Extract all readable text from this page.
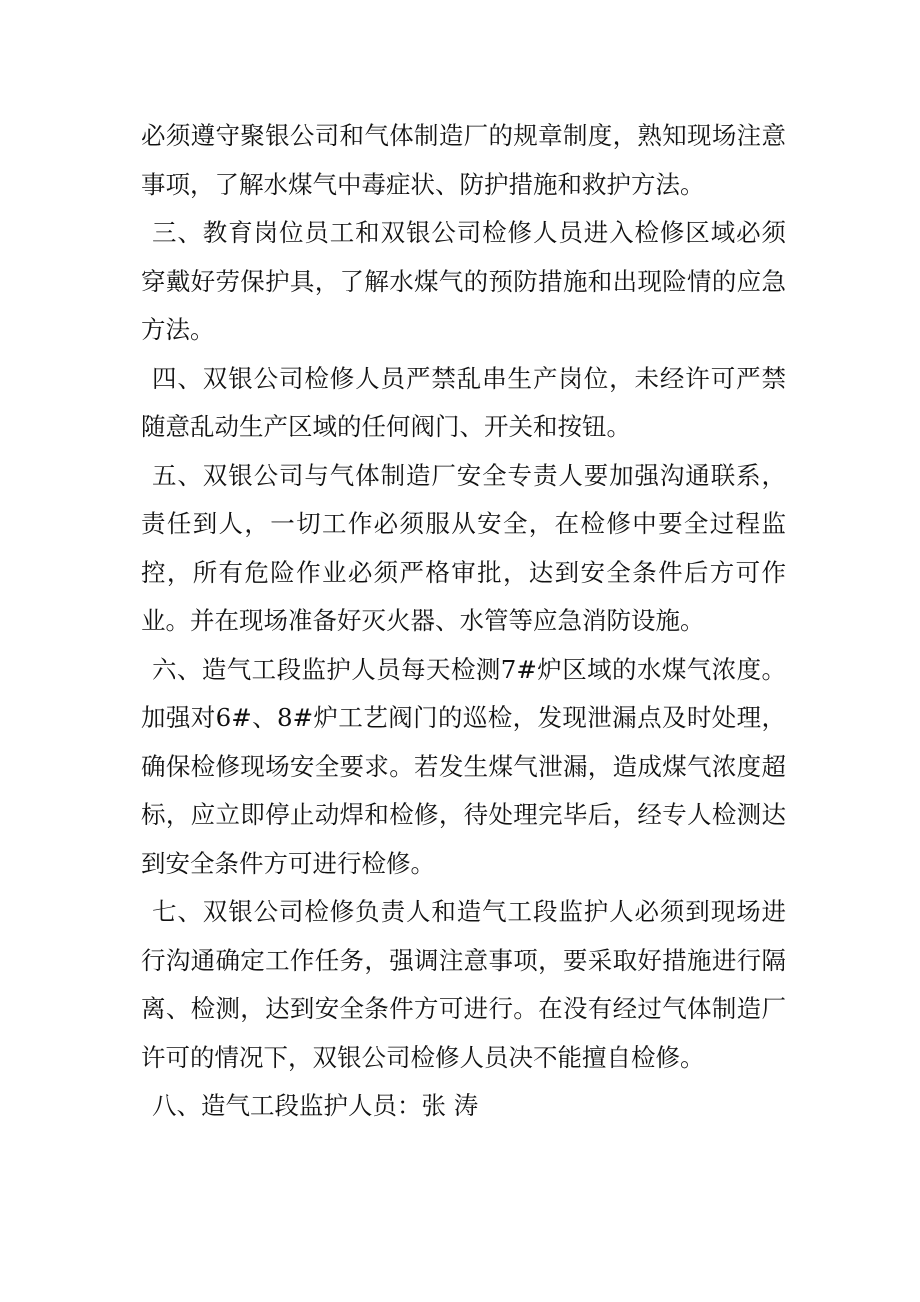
必须遵守聚银公司和气体制造厂的规章制度，熟知现场注意事项，了解水煤气中毒症状、防护措施和救护方法。

三、教育岗位员工和双银公司检修人员进入检修区域必须穿戴好劳保护具，了解水煤气的预防措施和出现险情的应急方法。

四、双银公司检修人员严禁乱串生产岗位，未经许可严禁随意乱动生产区域的任何阀门、开关和按钮。

五、双银公司与气体制造厂安全专责人要加强沟通联系，责任到人，一切工作必须服从安全，在检修中要全过程监控，所有危险作业必须严格审批，达到安全条件后方可作业。并在现场准备好灭火器、水管等应急消防设施。

六、造气工段监护人员每天检测7#炉区域的水煤气浓度。加强对6#、8#炉工艺阀门的巡检，发现泄漏点及时处理，确保检修现场安全要求。若发生煤气泄漏，造成煤气浓度超标，应立即停止动焊和检修，待处理完毕后，经专人检测达到安全条件方可进行检修。

七、双银公司检修负责人和造气工段监护人必须到现场进行沟通确定工作任务，强调注意事项，要采取好措施进行隔离、检测，达到安全条件方可进行。在没有经过气体制造厂许可的情况下，双银公司检修人员决不能擅自检修。

八、造气工段监护人员：张 涛
